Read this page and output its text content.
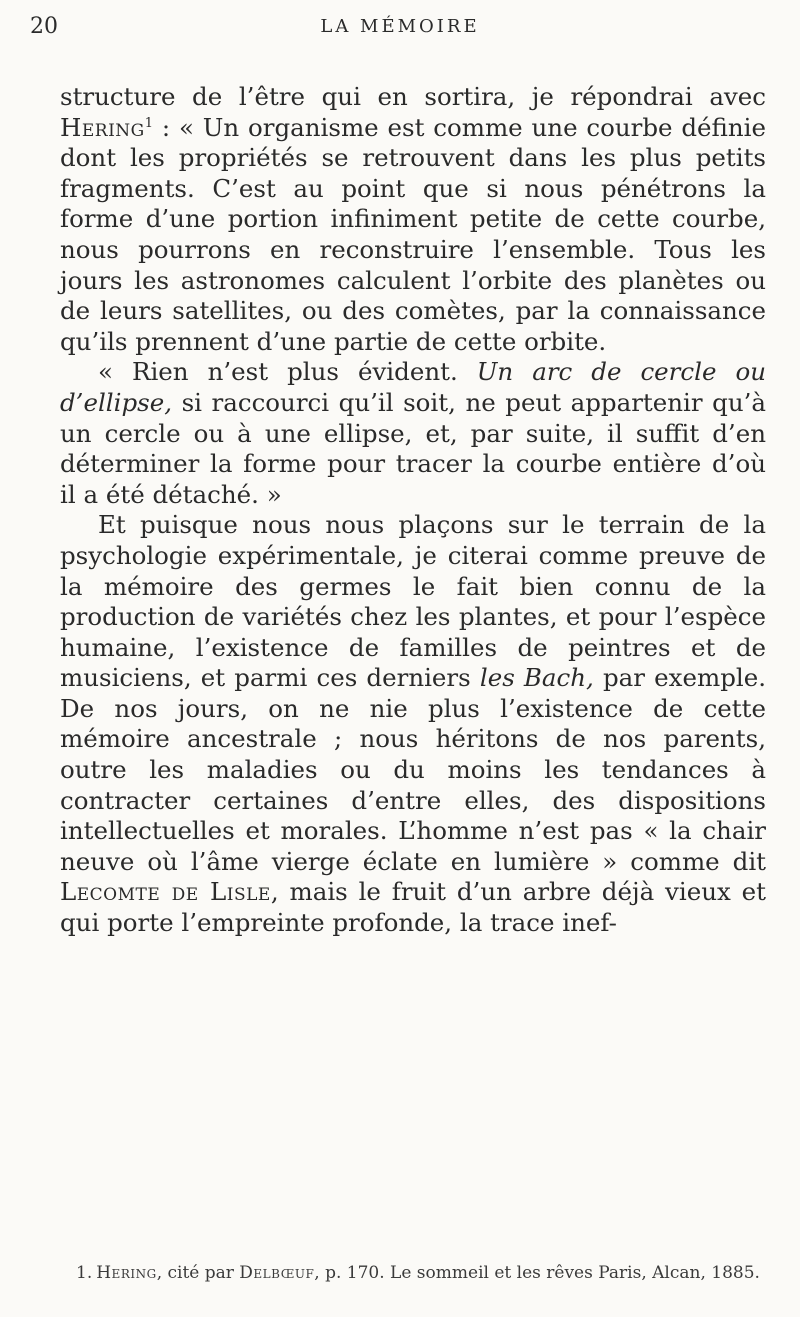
20	LA MÉMOIRE

structure de l’être qui en sortira, je répondrai avec Hering$^1$ : « Un organisme est comme une courbe définie dont les propriétés se retrouvent dans les plus petits fragments. C’est au point que si nous pénétrons la forme d’une portion infiniment petite de cette courbe, nous pourrons en reconstruire l’ensemble. Tous les jours les astronomes calculent l’orbite des planètes ou de leurs satellites, ou des comètes, par la connaissance qu’ils prennent d’une partie de cette orbite.

« Rien n’est plus évident. Un arc de cercle ou d’ellipse, si raccourci qu’il soit, ne peut appartenir qu’à un cercle ou à une ellipse, et, par suite, il suffit d’en déterminer la forme pour tracer la courbe entière d’où il a été détaché. »

Et puisque nous nous plaçons sur le terrain de la psychologie expérimentale, je citerai comme preuve de la mémoire des germes le fait bien connu de la production de variétés chez les plantes, et pour l’espèce humaine, l’existence de familles de peintres et de musiciens, et parmi ces derniers les Bach, par exemple. De nos jours, on ne nie plus l’existence de cette mémoire ancestrale ; nous héritons de nos parents, outre les maladies ou du moins les tendances à contracter certaines d’entre elles, des dispositions intellectuelles et morales. L’homme n’est pas « la chair neuve où l’âme vierge éclate en lumière » comme dit Lecomte de Lisle, mais le fruit d’un arbre déjà vieux et qui porte l’empreinte profonde, la trace inef-

1. Hering, cité par Delbœuf, p. 170. Le sommeil et les rêves Paris, Alcan, 1885.
